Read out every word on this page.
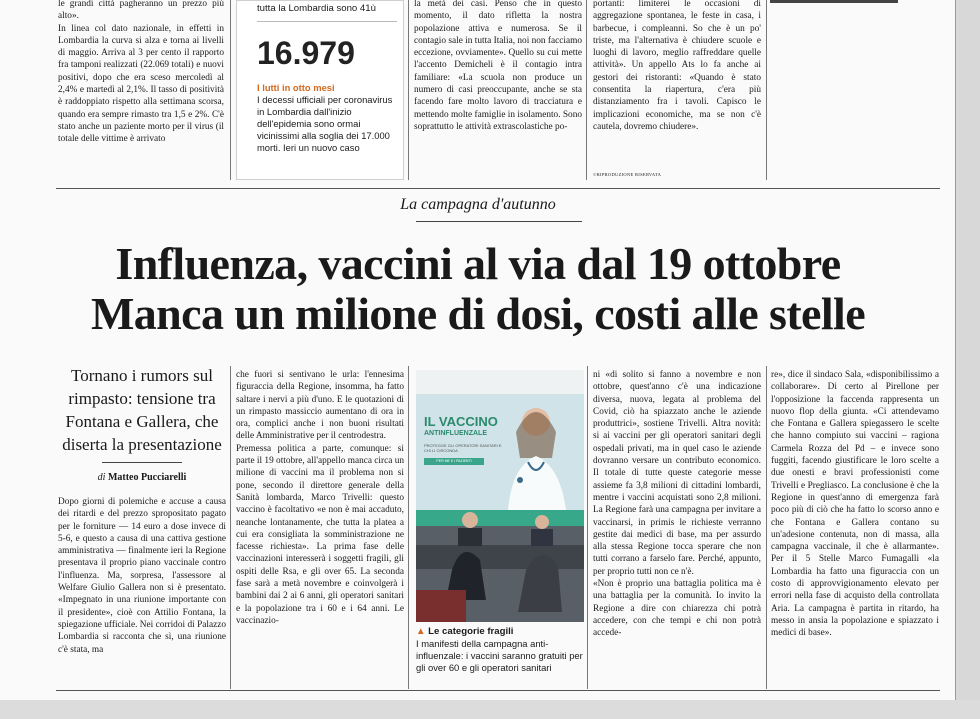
le grandi città pagheranno un prezzo più alto».
In linea col dato nazionale, in effetti in Lombardia la curva si alza e torna ai livelli di maggio. Arriva al 3 per cento il rapporto fra tamponi realizzati (22.069 totali) e nuovi positivi, dopo che era sceso mercoledì al 2,4% e martedì al 2,1%. Il tasso di positività è raddoppiato rispetto alla settimana scorsa, quando era sempre rimasto tra 1,5 e 2%. C'è stato anche un paziente morto per il virus (il totale delle vittime è arrivato

tutta la Lombardia sono 41ù
16.979
I lutti in otto mesi
I decessi ufficiali per coronavirus in Lombardia dall'inizio dell'epidemia sono ormai vicinissimi alla soglia dei 17.000 morti. Ieri un nuovo caso

la metà dei casi. Penso che in questo momento, il dato rifletta la nostra popolazione attiva e numerosa. Se il contagio sale in tutta Italia, noi non facciamo eccezione, ovviamente». Quello su cui mette l'accento Demicheli è il contagio intra familiare: «La scuola non produce un numero di casi preoccupante, anche se sta facendo fare molto lavoro di tracciatura e mettendo molte famiglie in isolamento. Sono soprattutto le attività extrascolastiche po-

portanti: limiterei le occasioni di aggregazione spontanea, le feste in casa, i barbecue, i compleanni. So che è un po' triste, ma l'alternativa è chiudere scuole e luoghi di lavoro, meglio raffreddare quelle attività». Un appello Ats lo fa anche ai gestori dei ristoranti: «Quando è stato consentita la riapertura, c'era più distanziamento fra i tavoli. Capisco le implicazioni economiche, ma se non c'è cautela, dovremo chiudere».

©RIPRODUZIONE RISERVATA
La campagna d'autunno
Influenza, vaccini al via dal 19 ottobre
Manca un milione di dosi, costi alle stelle
Tornano i rumors sul rimpasto: tensione tra Fontana e Gallera, che diserta la presentazione
di Matteo Pucciarelli

Dopo giorni di polemiche e accuse a causa dei ritardi e del prezzo spropositato pagato per le forniture — 14 euro a dose invece di 5-6, e questo a causa di una cattiva gestione amministrativa — finalmente ieri la Regione presentava il proprio piano vaccinale contro l'influenza. Ma, sorpresa, l'assessore al Welfare Giulio Gallera non si è presentato. «Impegnato in una riunione importante con il presidente», cioè con Attilio Fontana, la spiegazione ufficiale. Nei corridoi di Palazzo Lombardia si racconta che sì, una riunione c'è stata, ma

che fuori si sentivano le urla: l'ennesima figuraccia della Regione, insomma, ha fatto saltare i nervi a più d'uno. E le quotazioni di un rimpasto massiccio aumentano di ora in ora, complici anche i non buoni risultati delle Amministrative per il centrodestra.
Premessa politica a parte, comunque: si parte il 19 ottobre, all'appello manca circa un milione di vaccini ma il problema non si pone, secondo il direttore generale della Sanità lombarda, Marco Trivelli: questo vaccino è facoltativo «e non è mai accaduto, neanche lontanamente, che tutta la platea a cui era consigliata la somministrazione ne facesse richiesta». La prima fase delle vaccinazioni interesserà i soggetti fragili, gli ospiti delle Rsa, e gli over 65. La seconda fase sarà a metà novembre e coinvolgerà i bambini dai 2 ai 6 anni, gli operatori sanitari e la popolazione tra i 60 e i 64 anni. Le vaccinazio-

IL VACCINO
ANTINFLUENZALE
PROTEGGE GLI OPERATORI SANITARI E CHI LI CIRCONDA
PER ME E I PAZIENTI
▲ Le categorie fragili
I manifesti della campagna anti-influenzale: i vaccini saranno gratuiti per gli over 60 e gli operatori sanitari

ni «di solito si fanno a novembre e non ottobre, quest'anno c'è una indicazione diversa, nuova, legata al problema del Covid, ciò ha spiazzato anche le aziende produttrici», sostiene Trivelli. Altra novità: si ai vaccini per gli operatori sanitari degli ospedali privati, ma in quel caso le aziende dovranno versare un contributo economico. Il totale di tutte queste categorie messe assieme fa 3,8 milioni di cittadini lombardi, mentre i vaccini acquistati sono 2,8 milioni. La Regione farà una campagna per invitare a vaccinarsi, in primis le richieste verranno gestite dai medici di base, ma per assurdo alla stessa Regione tocca sperare che non tutti corrano a farselo fare. Perché, appunto, per proprio tutti non ce n'è.
«Non è proprio una battaglia politica ma è una battaglia per la comunità. Io invito la Regione a dire con chiarezza chi potrà accedere, con che tempi e chi non potrà accede-

re», dice il sindaco Sala, «disponibilissimo a collaborare». Di certo al Pirellone per l'opposizione la faccenda rappresenta un nuovo flop della giunta. «Ci attendevamo che Fontana e Gallera spiegassero le scelte che hanno compiuto sui vaccini – ragiona Carmela Rozza del Pd – e invece sono fuggiti, facendo giustificare le loro scelte a due onesti e bravi professionisti come Trivelli e Pregliasco. La conclusione è che la Regione in quest'anno di emergenza farà poco più di ciò che ha fatto lo scorso anno e che Fontana e Gallera contano su un'adesione contenuta, non di massa, alla campagna vaccinale, il che è allarmante». Per il 5 Stelle Marco Fumagalli «la Lombardia ha fatto una figuraccia con un costo di approvvigionamento elevato per errori nella fase di acquisto della controllata Aria. La campagna è partita in ritardo, ha messo in ansia la popolazione e spiazzato i medici di base».
